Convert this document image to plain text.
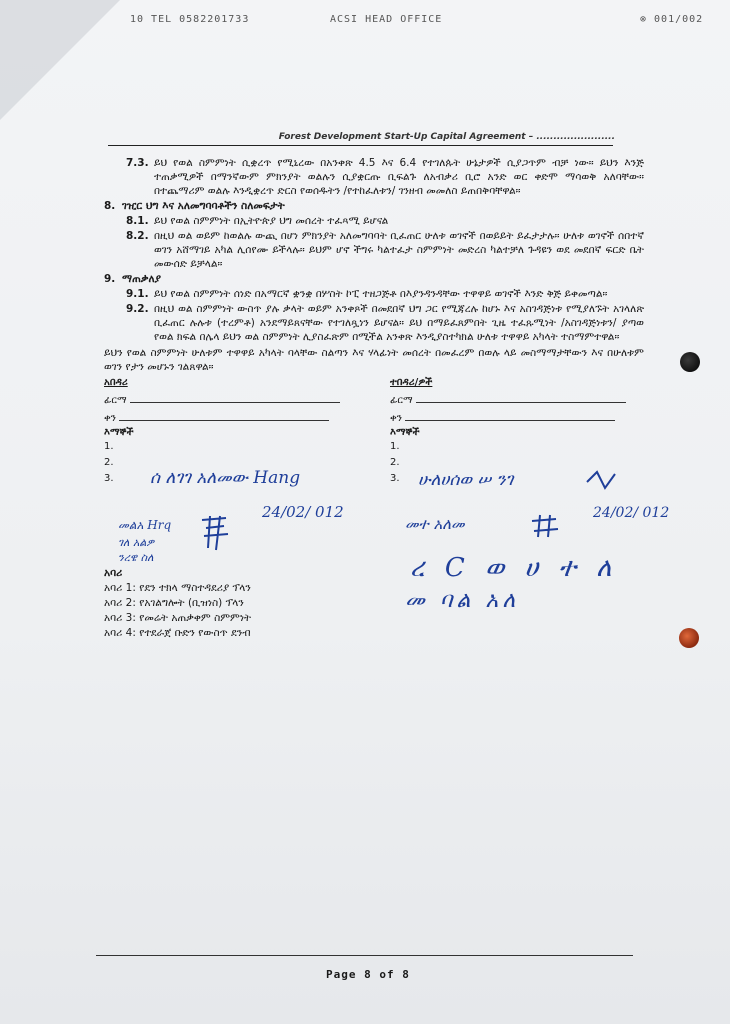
10 TEL 0582201733	ACSI HEAD OFFICE	⊗ 001/002
Forest Development Start-Up Capital Agreement – .......................
7.3. ይህ የወል ስምምነት ሲቋረጥ የሚኒረው በአንቀጽ 4.5 እና 6.4 የተገለጱት ሁኔታዎች ሲያጋጥም ብቻ ነው። ይህን እንጅ ተጠቃሚዎች በማንኛውም ምክንያት ወልሉን ሲያቋርጡ ቢፍልጉ ለአብቃሪ ቢሮ አንድ ወር ቀድሞ ማሳወቅ አለባቸው። በተጨማሪም ወልሉ እንዲቋረጥ ድርስ የወሰዱትን /የተከፈለቱን/ ገንዘብ መመለስ ይጠበቅባቸዋል።
8. ገዢር ህግ እና አለመግባባቶችን ስለመፍታት
8.1. ይህ የወል ስምምነት በኢትዮጵያ ህግ መሰረት ተፈጻሚ ይሆናል
8.2. በዚህ ወል ወይም ከወልሉ ውጪ በሆነ ምክንያት አለመግባባት ቢፈጠር ሁለቱ ወገኖች በወይይት ይፈታታሉ። ሁለቱ ወገኖች ሰበተኛ ወገን አሸማገይ አካል ሊሰየሙ ይችላሉ። ይህም ሆኖ ችግሩ ካልተፈታ ስምምነት መድረስ ካልተቻለ ጉዳዩን ወደ መደበኛ ፍርድ ቤት መውሰድ ይቻላል።
9. ማጠቃለያ
9.1. ይህ የወል ስምምነት ሰነድ በአማርኛ ቋንቋ በሦስት ኮፒ ተዘጋጅቶ በእያንዳንዳቸው ተዋዋይ ወገኖች እንድ ቅጅ ይቀመጣል።
9.2. በዚህ ወል ስምምነት ውስጥ ያሉ ቃላት ወይም አንቀጾች በመደበኛ ህግ ጋር የሚጃረሉ ከሆኑ እና አስገዳጅነቱ የሚያለኙት አገላለጽ ቢፈጠር ሉሉቱ (ተረምቶ) አንደማይጸናቸው የተገለጿነን ይሆናል። ይህ በማይፈጸምበት ጊዜ ተፈጹሚነት /አስገዳጅነቱን/ ያጣወ የወል ክፍል በሌላ ይህን ወል ስምምነት ሊያስፈጽም በሚችል አንቀጽ እንዲያስተካክል ሁለቱ ተዋዋይ አካላት ተስማምተዋል።
ይህን የወል ስምምነት ሁለቱም ተዋዋይ አካላት ባላቸው ስልጣን እና ሃላፊነት መሰረት በመፈረም በወሉ ላይ መስማማታቸውን እና በሁለቱም ወገን የታን መሆኑን ገልጸዋል።
አበዳሪ
ፊርማ
ቀን
እማኞች
1.
2.
3.
ተበዳሪ/ዎች
ፊርማ
ቀን
እማኞች
1.
2.
3.
ሰ ለገገ አለመው Hang
24/02/ 012
ሁለሀሰወ ሠ ንገ
24/02/ 012
መልአ Hrq
ገለ አልዎ
ንረዌ ስለ
መተ አለመ
ረ C ወ ሀ ተ ለ
መ ባል አለ
አባሪ
አባሪ 1: የደን ተክላ ማስተዳደሪያ ፕላን
አባሪ 2: የአገልግሎት (ቢዝነስ) ፕላን
አባሪ 3: የመሬት አጠቃቀም ስምምነት
አባሪ 4: የተደራጀ ቡድን የውስጥ ደንብ
Page 8 of 8
